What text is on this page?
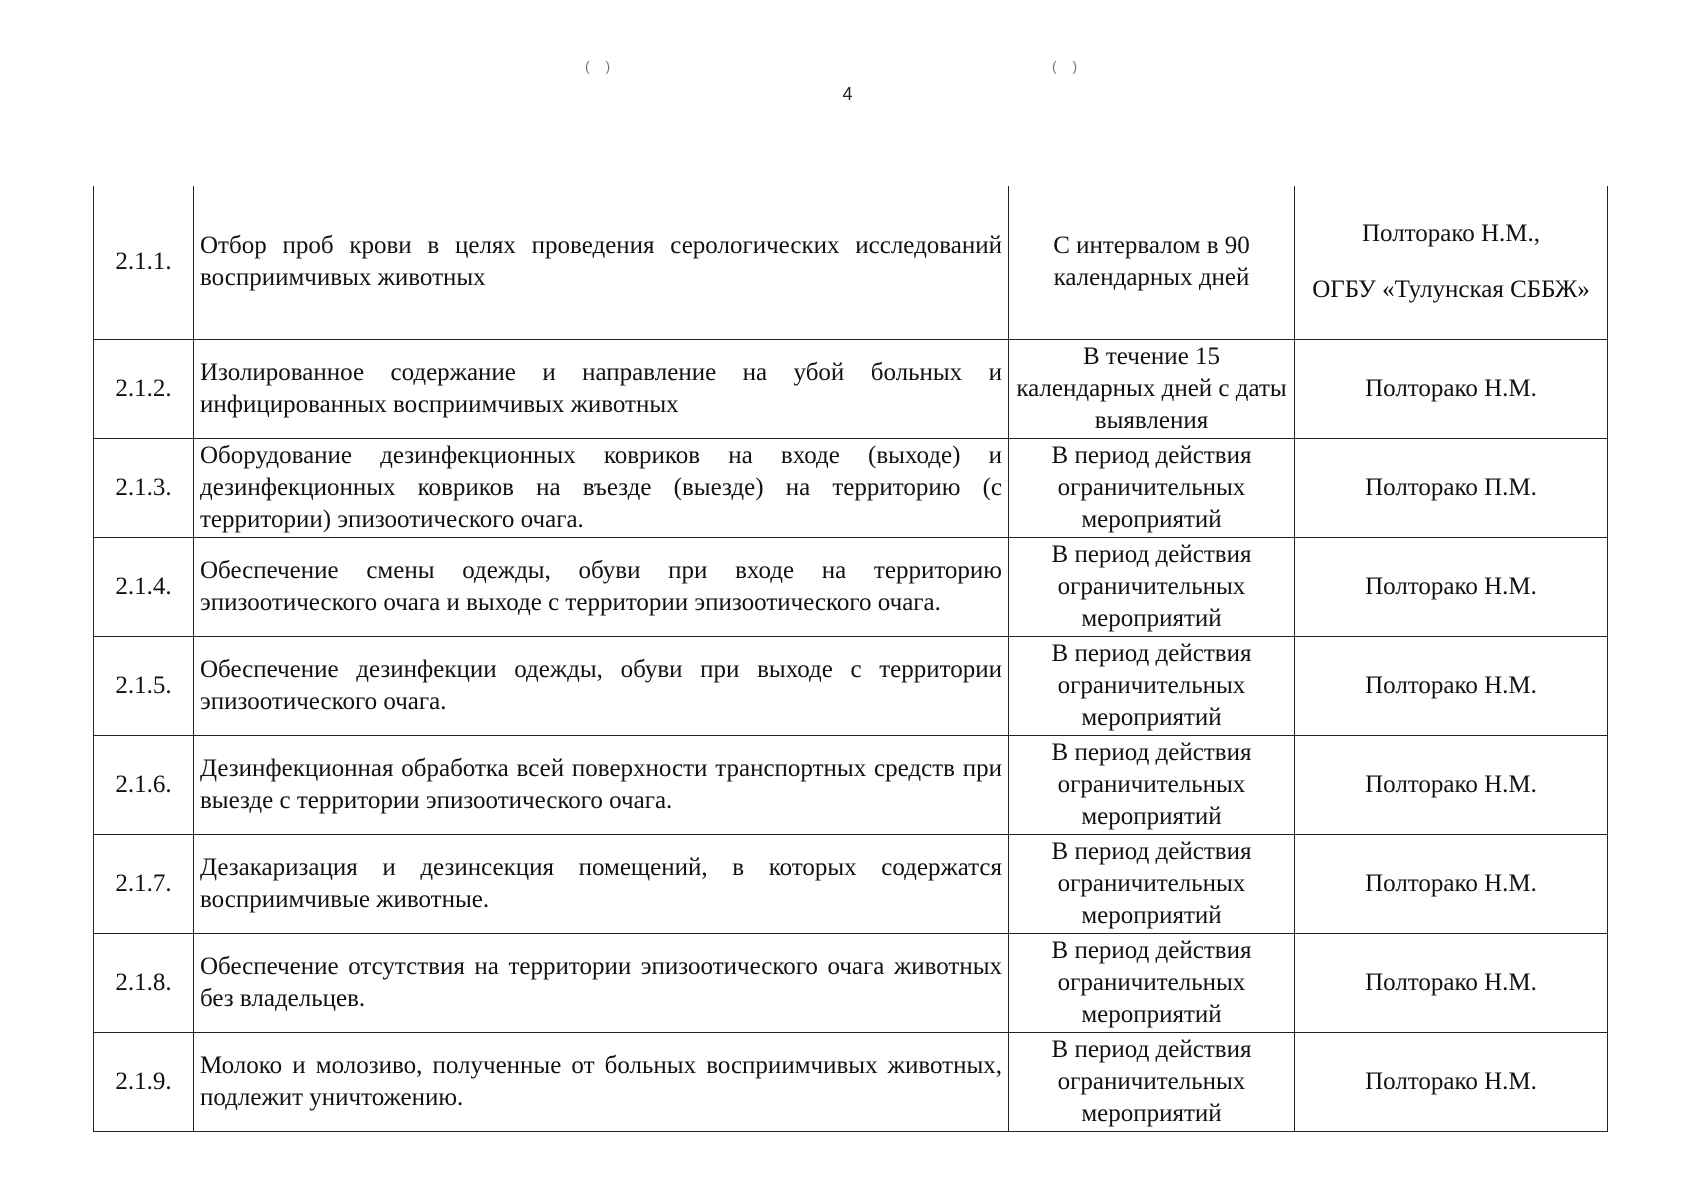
( )	( )
4
2.1.1.	Отбор проб крови в целях проведения серологических исследований восприимчивых животных	С интервалом в 90 календарных дней	Полторако Н.М.,
ОГБУ «Тулунская СББЖ»

2.1.2.	Изолированное содержание и направление на убой больных и инфицированных восприимчивых животных	В течение 15 календарных дней с даты выявления	Полторако Н.М.
2.1.3.	Оборудование дезинфекционных ковриков на входе (выходе) и дезинфекционных ковриков на въезде (выезде) на территорию (с территории) эпизоотического очага.	В период действия ограничительных мероприятий	Полторако П.М.
2.1.4.	Обеспечение смены одежды, обуви при входе на территорию эпизоотического очага и выходе с территории эпизоотического очага.	В период действия ограничительных мероприятий	Полторако Н.М.
2.1.5.	Обеспечение дезинфекции одежды, обуви при выходе с территории эпизоотического очага.	В период действия ограничительных мероприятий	Полторако Н.М.
2.1.6.	Дезинфекционная обработка всей поверхности транспортных средств при выезде с территории эпизоотического очага.	В период действия ограничительных мероприятий	Полторако Н.М.
2.1.7.	Дезакаризация и дезинсекция помещений, в которых содержатся восприимчивые животные.	В период действия ограничительных мероприятий	Полторако Н.М.
2.1.8.	Обеспечение отсутствия на территории эпизоотического очага животных без владельцев.	В период действия ограничительных мероприятий	Полторако Н.М.
2.1.9.	Молоко и молозиво, полученные от больных восприимчивых животных, подлежит уничтожению.	В период действия ограничительных мероприятий	Полторако Н.М.
